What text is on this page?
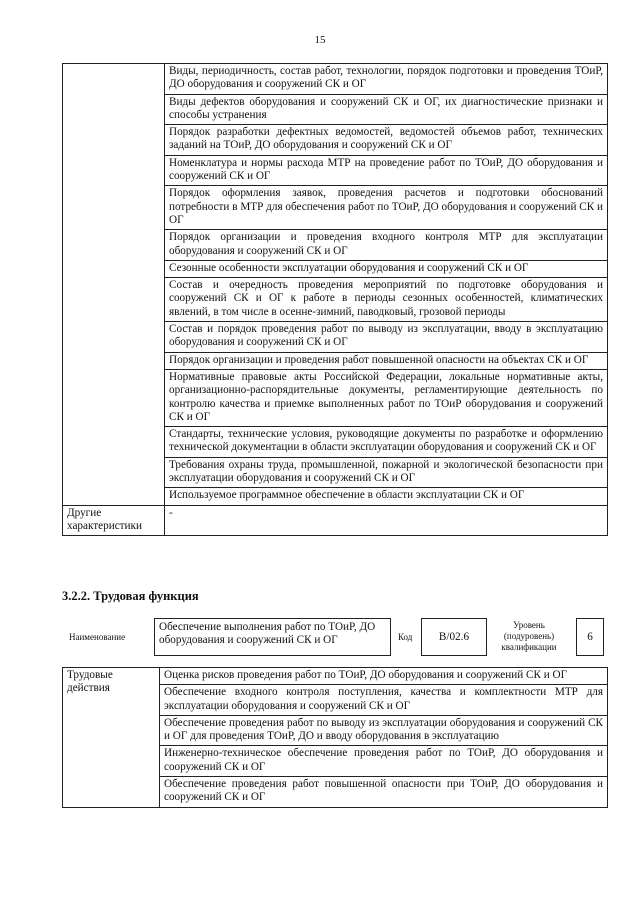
15
	Виды, периодичность, состав работ, технологии, порядок подготовки и проведения ТОиР, ДО оборудования и сооружений СК и ОГ
	Виды дефектов оборудования и сооружений СК и ОГ, их диагностические признаки и способы устранения
	Порядок разработки дефектных ведомостей, ведомостей объемов работ, технических заданий на ТОиР, ДО оборудования и сооружений СК и ОГ
	Номенклатура и нормы расхода МТР на проведение работ по ТОиР, ДО оборудования и сооружений СК и ОГ
	Порядок оформления заявок, проведения расчетов и подготовки обоснований потребности в МТР для обеспечения работ по ТОиР, ДО оборудования и сооружений СК и ОГ
	Порядок организации и проведения входного контроля МТР для эксплуатации оборудования и сооружений СК и ОГ
	Сезонные особенности эксплуатации оборудования и сооружений СК и ОГ
	Состав и очередность проведения мероприятий по подготовке оборудования и сооружений СК и ОГ к работе в периоды сезонных особенностей, климатических явлений, в том числе в осенне-зимний, паводковый, грозовой периоды
	Состав и порядок проведения работ по выводу из эксплуатации, вводу в эксплуатацию оборудования и сооружений СК и ОГ
	Порядок организации и проведения работ повышенной опасности на объектах СК и ОГ
	Нормативные правовые акты Российской Федерации, локальные нормативные акты, организационно-распорядительные документы, регламентирующие деятельность по контролю качества и приемке выполненных работ по ТОиР оборудования и сооружений СК и ОГ
	Стандарты, технические условия, руководящие документы по разработке и оформлению технической документации в области эксплуатации оборудования и сооружений СК и ОГ
	Требования охраны труда, промышленной, пожарной и экологической безопасности при эксплуатации оборудования и сооружений СК и ОГ
	Используемое программное обеспечение в области эксплуатации СК и ОГ
Другие характеристики	-
3.2.2. Трудовая функция
Наименование
Обеспечение выполнения работ по ТОиР, ДО оборудования и сооружений СК и ОГ	Код	B/02.6
Уровень (подуровень) квалификации
6
Трудовые действия	Оценка рисков проведения работ по ТОиР, ДО оборудования и сооружений СК и ОГ
Обеспечение входного контроля поступления, качества и комплектности МТР для эксплуатации оборудования и сооружений СК и ОГ
Обеспечение проведения работ по выводу из эксплуатации оборудования и сооружений СК и ОГ для проведения ТОиР, ДО и вводу оборудования в эксплуатацию
Инженерно-техническое обеспечение проведения работ по ТОиР, ДО оборудования и сооружений СК и ОГ
Обеспечение проведения работ повышенной опасности при ТОиР, ДО оборудования и сооружений СК и ОГ
